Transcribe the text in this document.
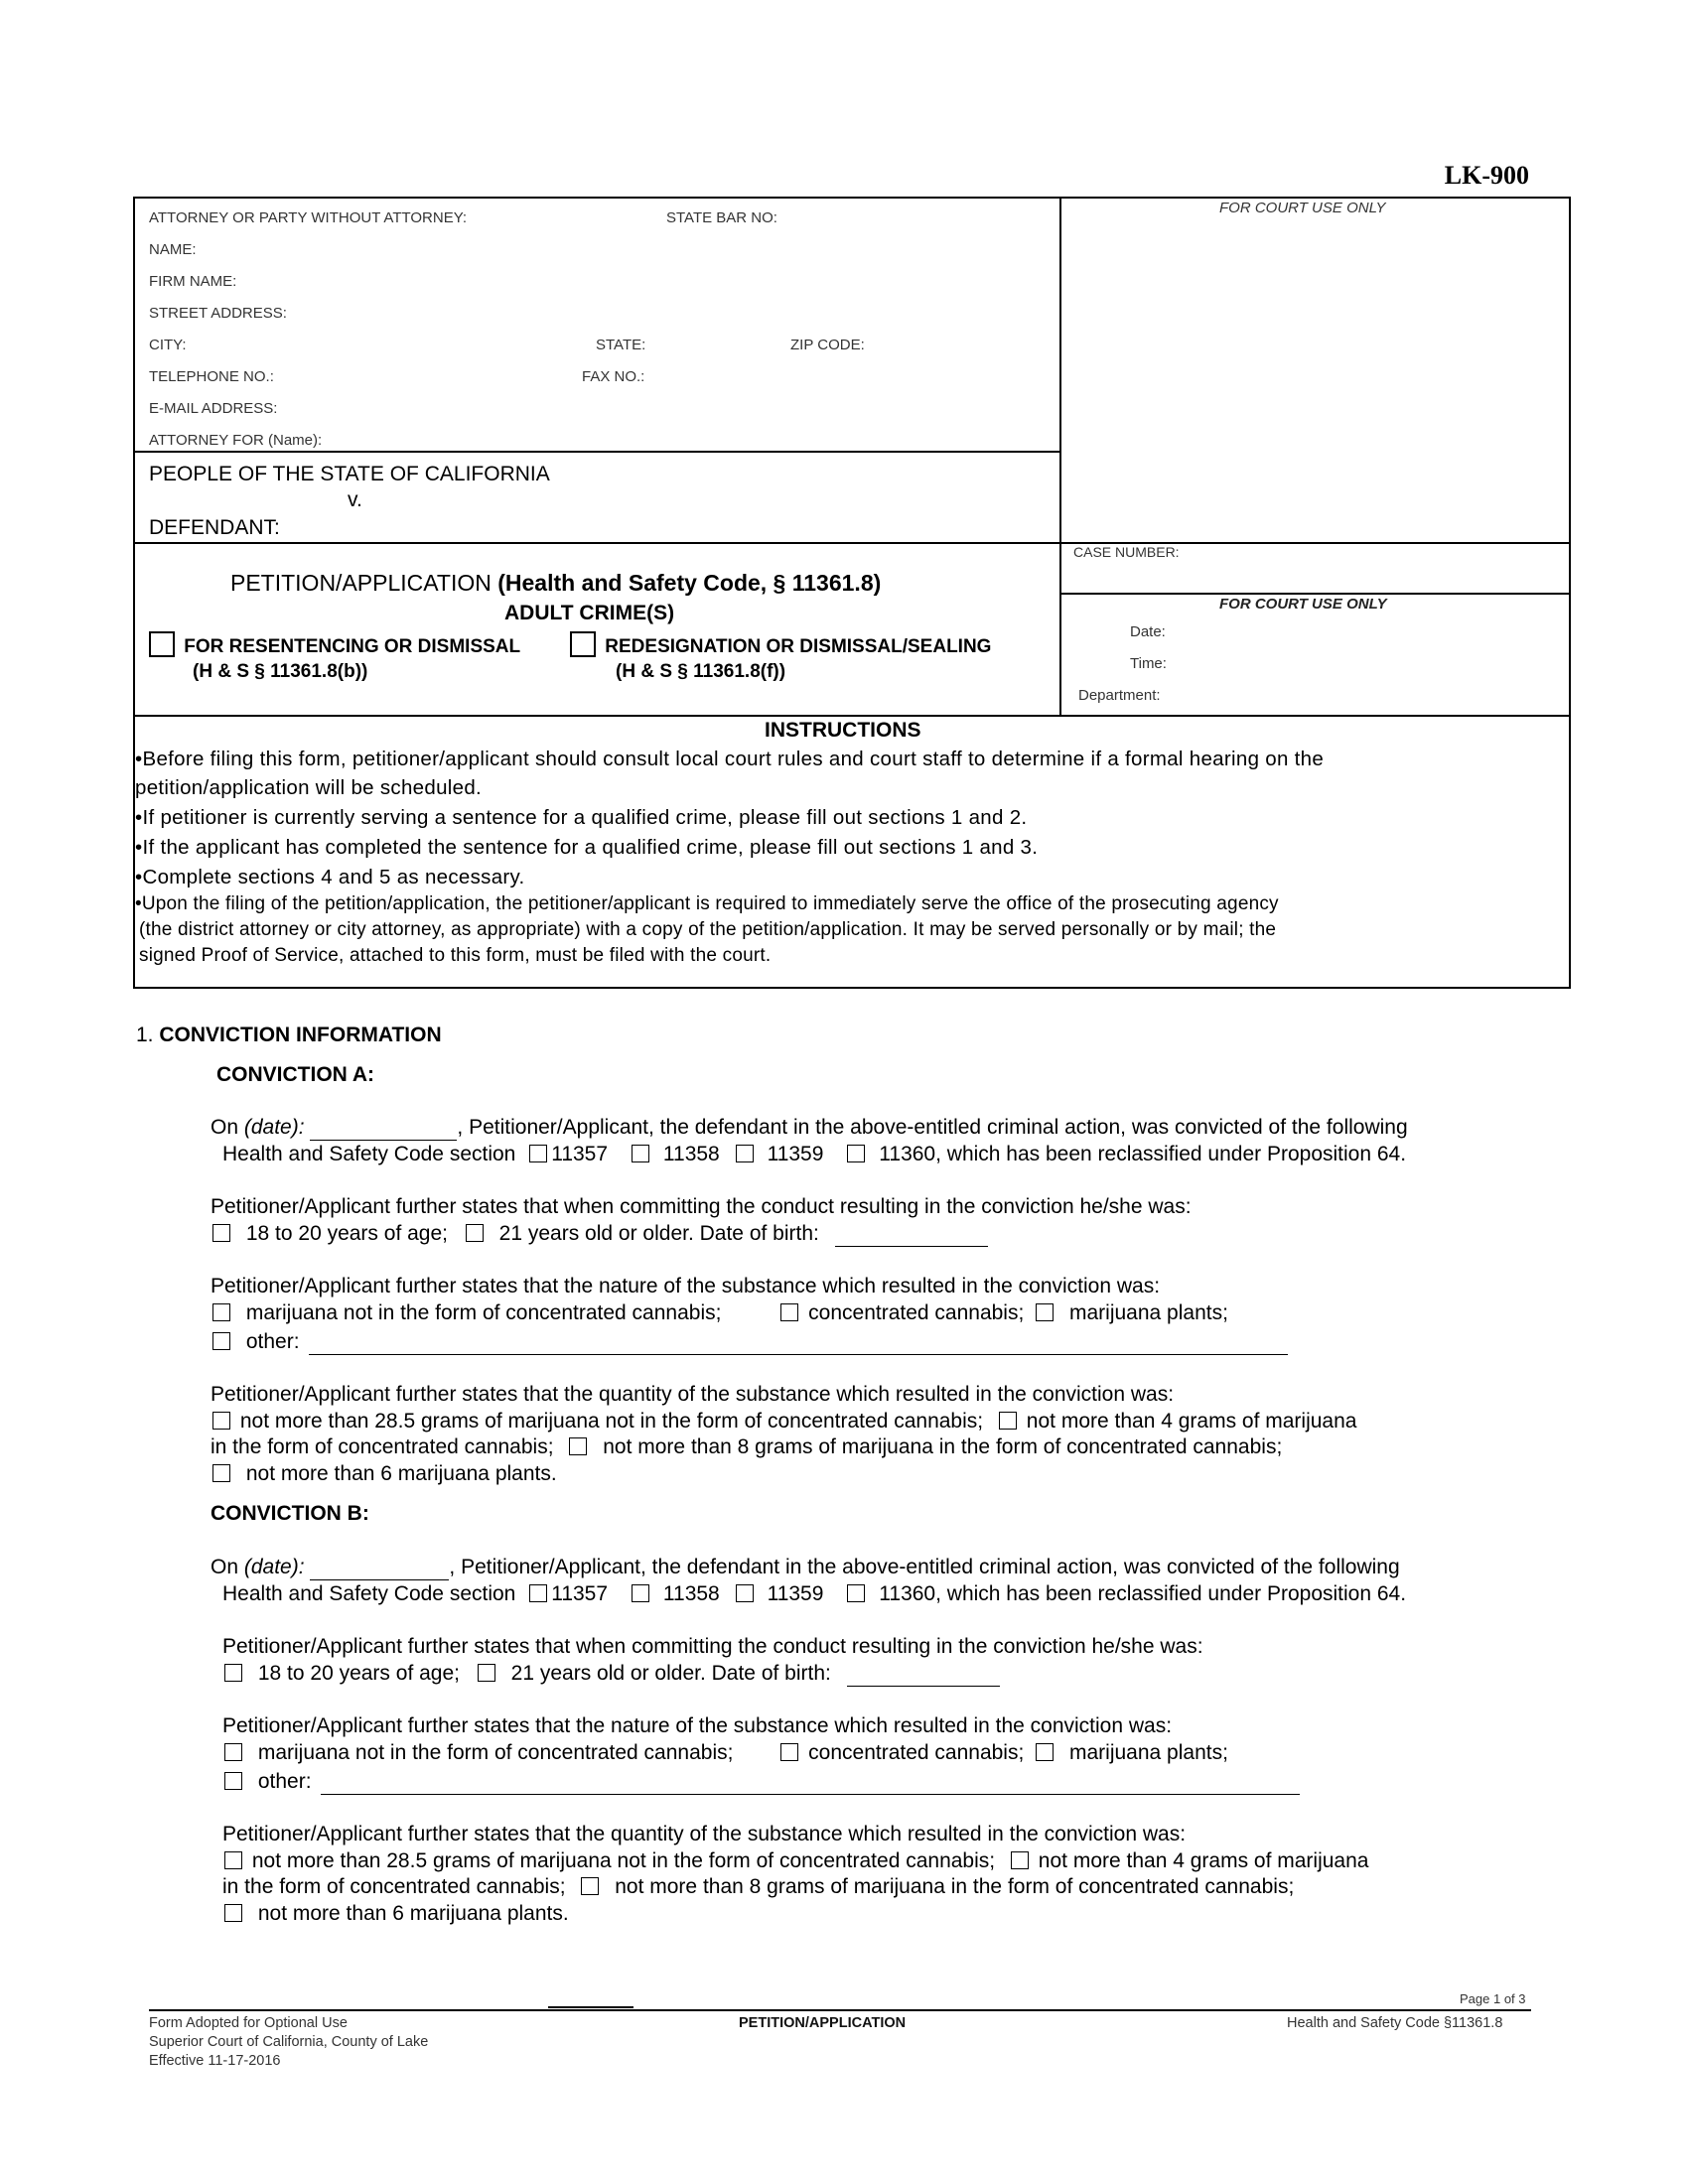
LK-900
ATTORNEY OR PARTY WITHOUT ATTORNEY:	STATE BAR NO:
NAME:
FIRM NAME:
STREET ADDRESS:
CITY:	STATE:	ZIP CODE:
TELEPHONE NO.:	FAX NO.:
E-MAIL ADDRESS:
ATTORNEY FOR (Name):
FOR COURT USE ONLY
PEOPLE OF THE STATE OF CALIFORNIA
v.
DEFENDANT:
CASE NUMBER:
FOR COURT USE ONLY
Date:
Time:
Department:
PETITION/APPLICATION (Health and Safety Code, § 11361.8)
ADULT CRIME(S)
FOR RESENTENCING OR DISMISSAL
(H & S § 11361.8(b))
REDESIGNATION OR DISMISSAL/SEALING
(H & S § 11361.8(f))
INSTRUCTIONS
•Before filing this form, petitioner/applicant should consult local court rules and court staff to determine if a formal hearing on the
petition/application will be scheduled.
•If petitioner is currently serving a sentence for a qualified crime, please fill out sections 1 and 2.
•If the applicant has completed the sentence for a qualified crime, please fill out sections 1 and 3.
•Complete sections 4 and 5 as necessary.
•Upon the filing of the petition/application, the petitioner/applicant is required to immediately serve the office of the prosecuting agency
(the district attorney or city attorney, as appropriate) with a copy of the petition/application. It may be served personally or by mail; the
signed Proof of Service, attached to this form, must be filed with the court.
1. CONVICTION INFORMATION
CONVICTION A:
On (date):	, Petitioner/Applicant, the defendant in the above-entitled criminal action, was convicted of the following
Health and Safety Code section 11357	11358 11359	11360, which has been reclassified under Proposition 64.
Petitioner/Applicant further states that when committing the conduct resulting in the conviction he/she was:
18 to 20 years of age; 21 years old or older. Date of birth:
Petitioner/Applicant further states that the nature of the substance which resulted in the conviction was:
marijuana not in the form of concentrated cannabis;	concentrated cannabis; marijuana plants;
other:
Petitioner/Applicant further states that the quantity of the substance which resulted in the conviction was:
not more than 28.5 grams of marijuana not in the form of concentrated cannabis; not more than 4 grams of marijuana
in the form of concentrated cannabis; not more than 8 grams of marijuana in the form of concentrated cannabis;
not more than 6 marijuana plants.
CONVICTION B:
On (date):	, Petitioner/Applicant, the defendant in the above-entitled criminal action, was convicted of the following
Health and Safety Code section 11357	11358 11359	11360, which has been reclassified under Proposition 64.
Petitioner/Applicant further states that when committing the conduct resulting in the conviction he/she was:
18 to 20 years of age; 21 years old or older. Date of birth:
Petitioner/Applicant further states that the nature of the substance which resulted in the conviction was:
marijuana not in the form of concentrated cannabis;	concentrated cannabis; marijuana plants;
other:
Petitioner/Applicant further states that the quantity of the substance which resulted in the conviction was:
not more than 28.5 grams of marijuana not in the form of concentrated cannabis; not more than 4 grams of marijuana
in the form of concentrated cannabis; not more than 8 grams of marijuana in the form of concentrated cannabis;
not more than 6 marijuana plants.
Page 1 of 3
Form Adopted for Optional Use
Superior Court of California, County of Lake
Effective 11-17-2016
PETITION/APPLICATION	Health and Safety Code §11361.8
